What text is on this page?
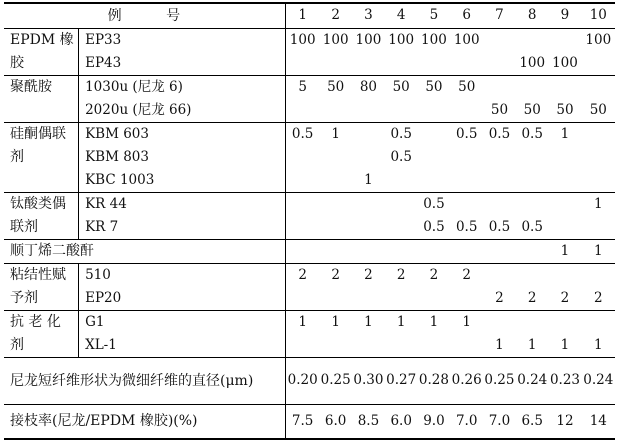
例 号		1	2	3	4	5	6	7	8	9	10
EPDM 橡胶	EP33	100	100	100	100	100	100				100
	EP43								100	100	
聚酰胺	1030u (尼龙 6)	5	50	80	50	50	50				
	2020u (尼龙 66)							50	50	50	50
硅酮偶联剂	KBM 603	0.5	1		0.5		0.5	0.5	0.5	1	
	KBM 803				0.5						
	KBC 1003			1							
钛酸类偶联剂	KR 44					0.5					1
	KR 7					0.5	0.5	0.5	0.5		
顺丁烯二酸酐										1	1
粘结性赋予剂	510	2	2	2	2	2	2				
	EP20							2	2	2	2
抗 老 化 剂	G1	1	1	1	1	1	1				
	XL-1							1	1	1	1
尼龙短纤维形状为微细纤维的直径(μm)		0.20	0.25	0.30	0.27	0.28	0.26	0.25	0.24	0.23	0.24
接枝率(尼龙/EPDM 橡胶)(%)		7.5	6.0	8.5	6.0	9.0	7.0	7.0	6.5	12	14
